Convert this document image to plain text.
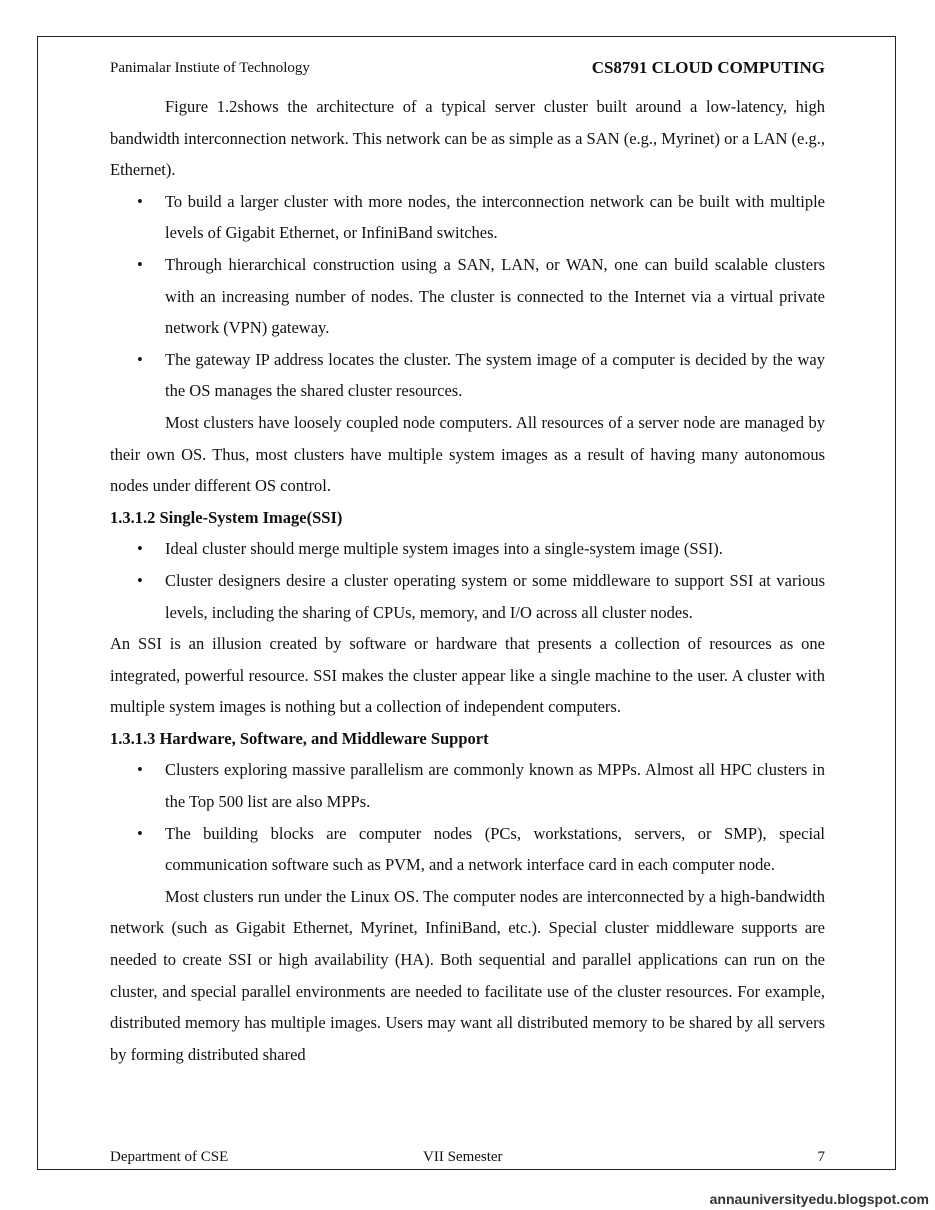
Panimalar Instiute of Technology	CS8791 CLOUD COMPUTING

Figure 1.2shows the architecture of a typical server cluster built around a low-latency, high bandwidth interconnection network. This network can be as simple as a SAN (e.g., Myrinet) or a LAN (e.g., Ethernet).

• To build a larger cluster with more nodes, the interconnection network can be built with multiple levels of Gigabit Ethernet, or InfiniBand switches.
• Through hierarchical construction using a SAN, LAN, or WAN, one can build scalable clusters with an increasing number of nodes. The cluster is connected to the Internet via a virtual private network (VPN) gateway.
• The gateway IP address locates the cluster. The system image of a computer is decided by the way the OS manages the shared cluster resources.

Most clusters have loosely coupled node computers. All resources of a server node are managed by their own OS. Thus, most clusters have multiple system images as a result of having many autonomous nodes under different OS control.

1.3.1.2 Single-System Image(SSI)

• Ideal cluster should merge multiple system images into a single-system image (SSI).
• Cluster designers desire a cluster operating system or some middleware to support SSI at various levels, including the sharing of CPUs, memory, and I/O across all cluster nodes.

An SSI is an illusion created by software or hardware that presents a collection of resources as one integrated, powerful resource. SSI makes the cluster appear like a single machine to the user. A cluster with multiple system images is nothing but a collection of independent computers.

1.3.1.3 Hardware, Software, and Middleware Support

• Clusters exploring massive parallelism are commonly known as MPPs. Almost all HPC clusters in the Top 500 list are also MPPs.
• The building blocks are computer nodes (PCs, workstations, servers, or SMP), special communication software such as PVM, and a network interface card in each computer node.

Most clusters run under the Linux OS. The computer nodes are interconnected by a high-bandwidth network (such as Gigabit Ethernet, Myrinet, InfiniBand, etc.). Special cluster middleware supports are needed to create SSI or high availability (HA). Both sequential and parallel applications can run on the cluster, and special parallel environments are needed to facilitate use of the cluster resources. For example, distributed memory has multiple images. Users may want all distributed memory to be shared by all servers by forming distributed shared

Department of CSE	VII Semester	7
annauniversityedu.blogspot.com
